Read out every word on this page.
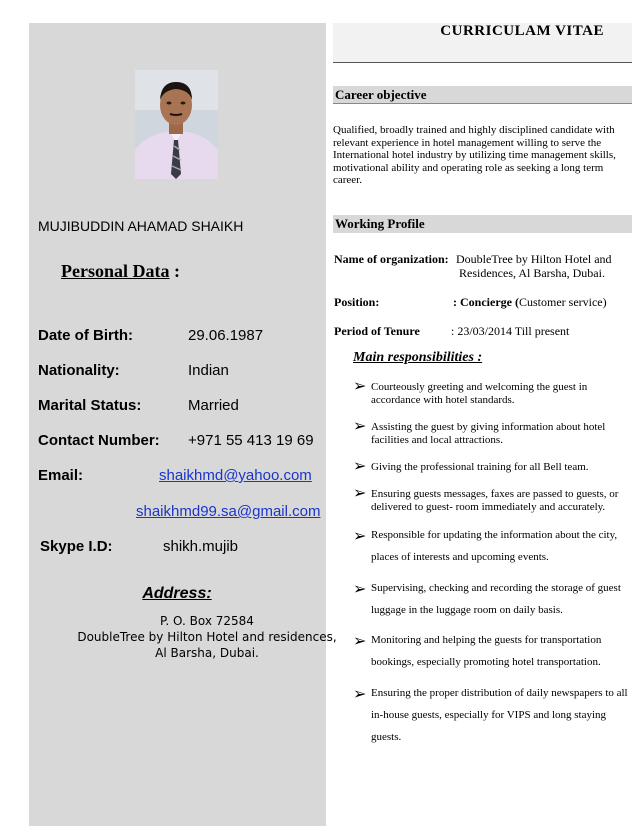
MUJIBUDDIN AHAMAD SHAIKH
Personal Data :
Date of Birth:	29.06.1987
Nationality:	Indian
Marital Status:	Married
Contact Number: +971 55 413 19 69
Email:	shaikhmd@yahoo.com
shaikhmd99.sa@gmail.com
Skype I.D:	shikh.mujib
Address:
P. O. Box 72584
DoubleTree by Hilton Hotel and residences,
Al Barsha, Dubai.
CURRICULAM VITAE
Career objective
Qualified, broadly trained and highly disciplined candidate with relevant experience in hotel management willing to serve the International hotel industry by utilizing time management skills, motivational ability and operating role as seeking a long term career.
Working Profile
Name of organization: DoubleTree by Hilton Hotel and
Residences, Al Barsha, Dubai.
Position:	: Concierge (Customer service)
Period of Tenure	: 23/03/2014 Till present
Main responsibilities :
➢ Courteously greeting and welcoming the guest in accordance with hotel standards.
➢ Assisting the guest by giving information about hotel facilities and local attractions.
➢ Giving the professional training for all Bell team.
➢ Ensuring guests messages, faxes are passed to guests, or delivered to guest- room immediately and accurately.
➢ Responsible for updating the information about the city, places of interests and upcoming events.
➢ Supervising, checking and recording the storage of guest luggage in the luggage room on daily basis.
➢ Monitoring and helping the guests for transportation bookings, especially promoting hotel transportation.
➢ Ensuring the proper distribution of daily newspapers to all in-house guests, especially for VIPS and long staying guests.
